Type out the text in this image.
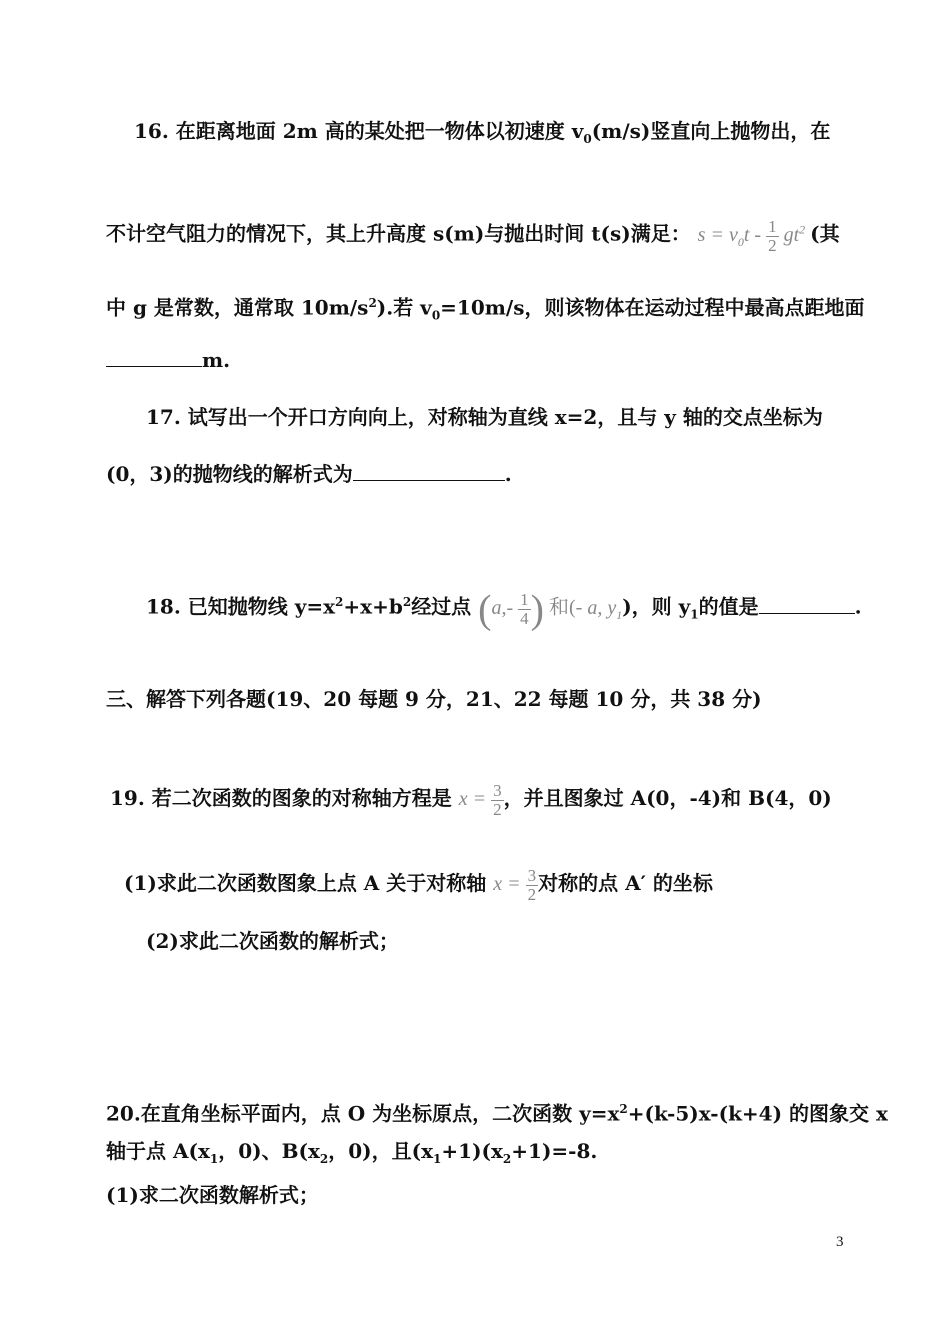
16. 在距离地面 2m 高的某处把一物体以初速度 $v_0(m/s)$竖直向上抛物出，在
不计空气阻力的情况下，其上升高度 s(m)与抛出时间 t(s)满足： $s = v_0t - \frac{1}{2} gt^2$ (其
中 g 是常数，通常取 $10m/s^2$).若 $v_0=10m/s$，则该物体在运动过程中最高点距地面
m.
17. 试写出一个开口方向向上，对称轴为直线 x=2，且与 y 轴的交点坐标为
(0，3)的抛物线的解析式为	.
18. 已知抛物线 $y=x^2+x+b^2$经过点 ($a,- \frac{1}{4}$ ) 和(- a, $y_1$)，则 $y_1$的值是	.
三、解答下列各题(19、20 每题 9 分，21、22 每题 10 分，共 38 分)
19. 若二次函数的图象的对称轴方程是 $x = \frac{3}{2}$ ，并且图象过 A(0，-4)和 B(4，0)
(1)求此二次函数图象上点 A 关于对称轴 $x = \frac{3}{2}$ 对称的点 A′ 的坐标
(2)求此二次函数的解析式；
20.在直角坐标平面内，点 O 为坐标原点，二次函数 $y=x^2+(k-5)x-(k+4)$ 的图象交 x
轴于点 $A(x_1$，0)、$B(x_2$，0)，且$(x_1+1)(x_2+1)=-8$.
(1)求二次函数解析式；
3
